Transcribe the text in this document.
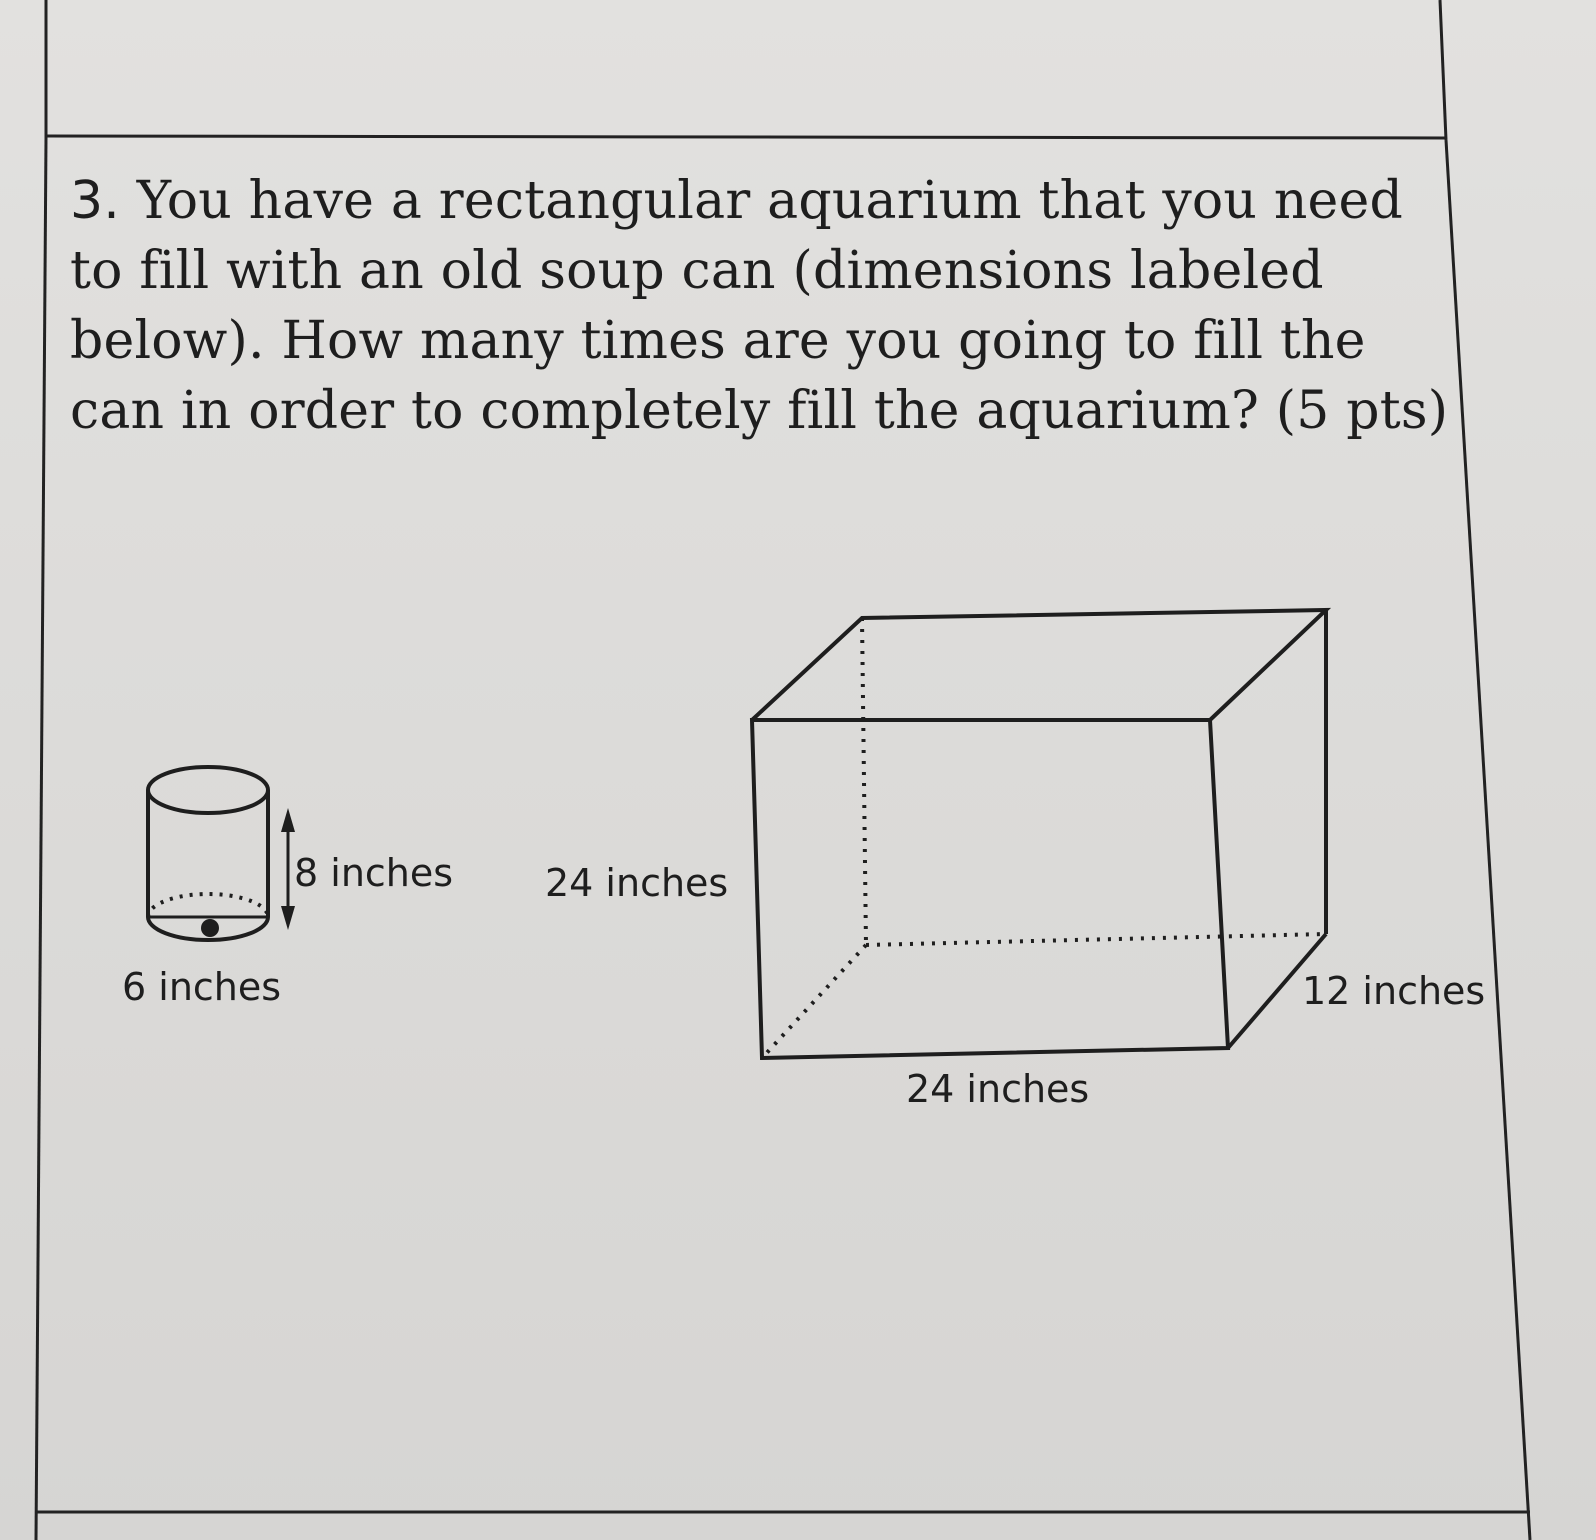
3. You have a rectangular aquarium that you need to fill with an old soup can (dimensions labeled below). How many times are you going to fill the can in order to completely fill the aquarium? (5 pts)

8 inches
6 inches
24 inches
12 inches
24 inches
